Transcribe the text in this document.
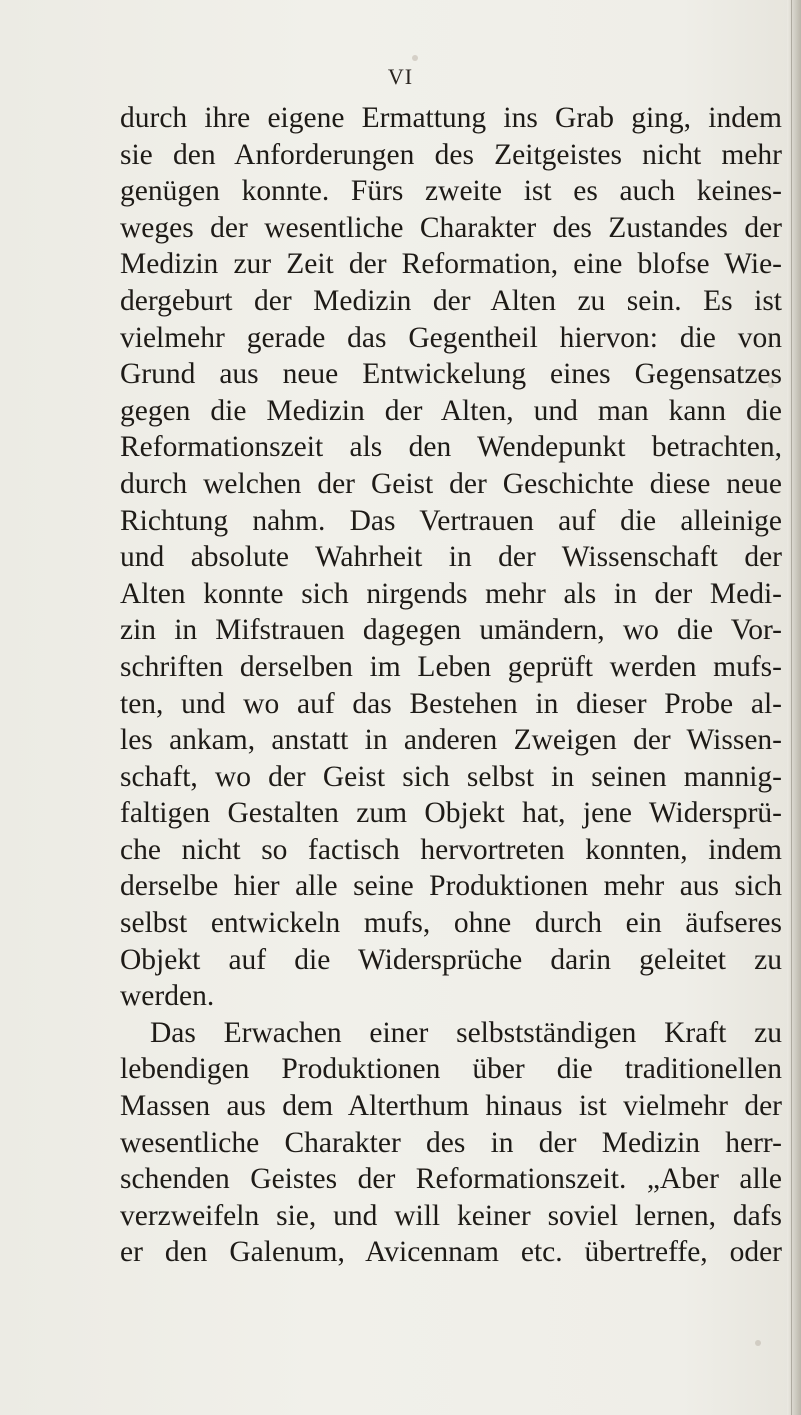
VI
durch ihre eigene Ermattung ins Grab ging, indem
sie den Anforderungen des Zeitgeistes nicht mehr
genügen konnte. Fürs zweite ist es auch keines-
weges der wesentliche Charakter des Zustandes der
Medizin zur Zeit der Reformation, eine blofse Wie-
dergeburt der Medizin der Alten zu sein. Es ist
vielmehr gerade das Gegentheil hiervon: die von
Grund aus neue Entwickelung eines Gegensatzes
gegen die Medizin der Alten, und man kann die
Reformationszeit als den Wendepunkt betrachten,
durch welchen der Geist der Geschichte diese neue
Richtung nahm. Das Vertrauen auf die alleinige
und absolute Wahrheit in der Wissenschaft der
Alten konnte sich nirgends mehr als in der Medi-
zin in Mifstrauen dagegen umändern, wo die Vor-
schriften derselben im Leben geprüft werden mufs-
ten, und wo auf das Bestehen in dieser Probe al-
les ankam, anstatt in anderen Zweigen der Wissen-
schaft, wo der Geist sich selbst in seinen mannig-
faltigen Gestalten zum Objekt hat, jene Widersprü-
che nicht so factisch hervortreten konnten, indem
derselbe hier alle seine Produktionen mehr aus sich
selbst entwickeln mufs, ohne durch ein äufseres
Objekt auf die Widersprüche darin geleitet zu
werden.
Das Erwachen einer selbstständigen Kraft zu
lebendigen Produktionen über die traditionellen
Massen aus dem Alterthum hinaus ist vielmehr der
wesentliche Charakter des in der Medizin herr-
schenden Geistes der Reformationszeit. „Aber alle
verzweifeln sie, und will keiner soviel lernen, dafs
er den Galenum, Avicennam etc. übertreffe, oder
